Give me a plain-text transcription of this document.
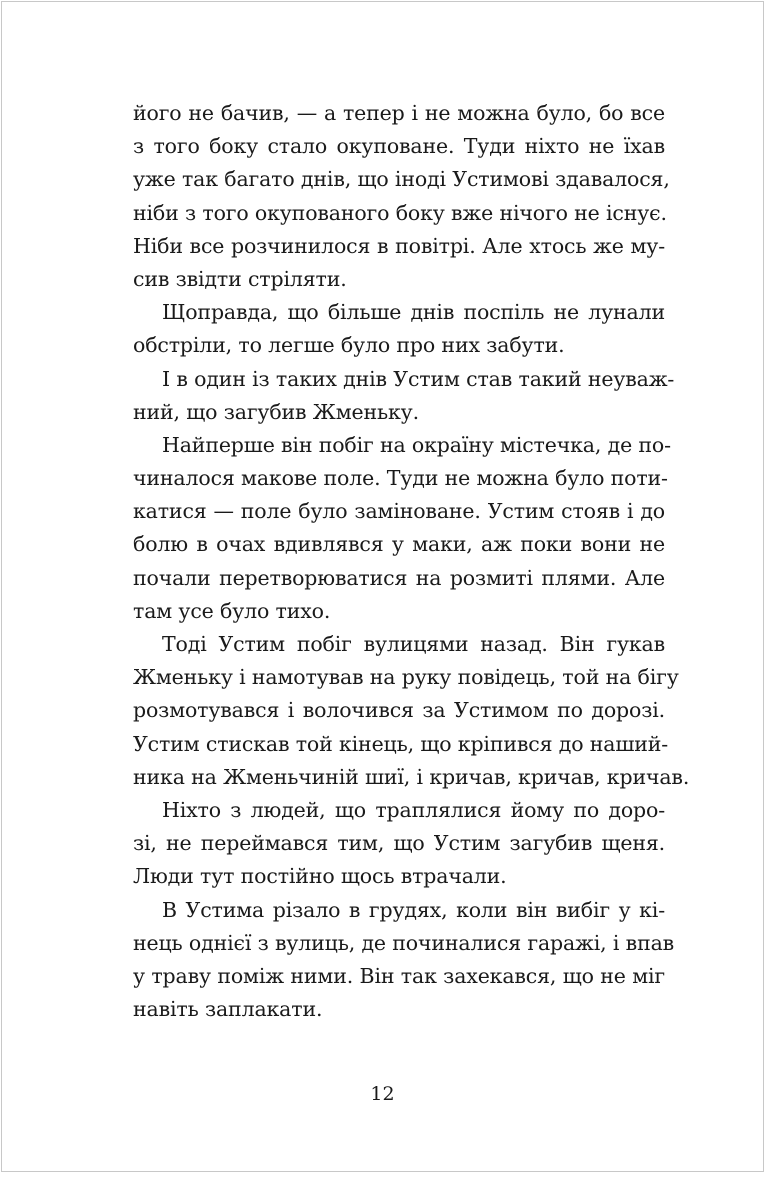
його не бачив, — а тепер і не можна було, бо все
з того боку стало окуповане. Туди ніхто не їхав
уже так багато днів, що іноді Устимові здавалося,
ніби з того окупованого боку вже нічого не існує.
Ніби все розчинилося в повітрі. Але хтось же му-
сив звідти стріляти.
Щоправда, що більше днів поспіль не лунали
обстріли, то легше було про них забути.
І в один із таких днів Устим став такий неуваж-
ний, що загубив Жменьку.
Найперше він побіг на окраїну містечка, де по-
чиналося макове поле. Туди не можна було поти-
катися — поле було заміноване. Устим стояв і до
болю в очах вдивлявся у маки, аж поки вони не
почали перетворюватися на розмиті плями. Але
там усе було тихо.
Тоді Устим побіг вулицями назад. Він гукав
Жменьку і намотував на руку повідець, той на бігу
розмотувався і волочився за Устимом по дорозі.
Устим стискав той кінець, що кріпився до наший-
ника на Жменьчиній шиї, і кричав, кричав, кричав.
Ніхто з людей, що траплялися йому по доро-
зі, не переймався тим, що Устим загубив щеня.
Люди тут постійно щось втрачали.
В Устима різало в грудях, коли він вибіг у кі-
нець однієї з вулиць, де починалися гаражі, і впав
у траву поміж ними. Він так захекався, що не міг
навіть заплакати.
12
